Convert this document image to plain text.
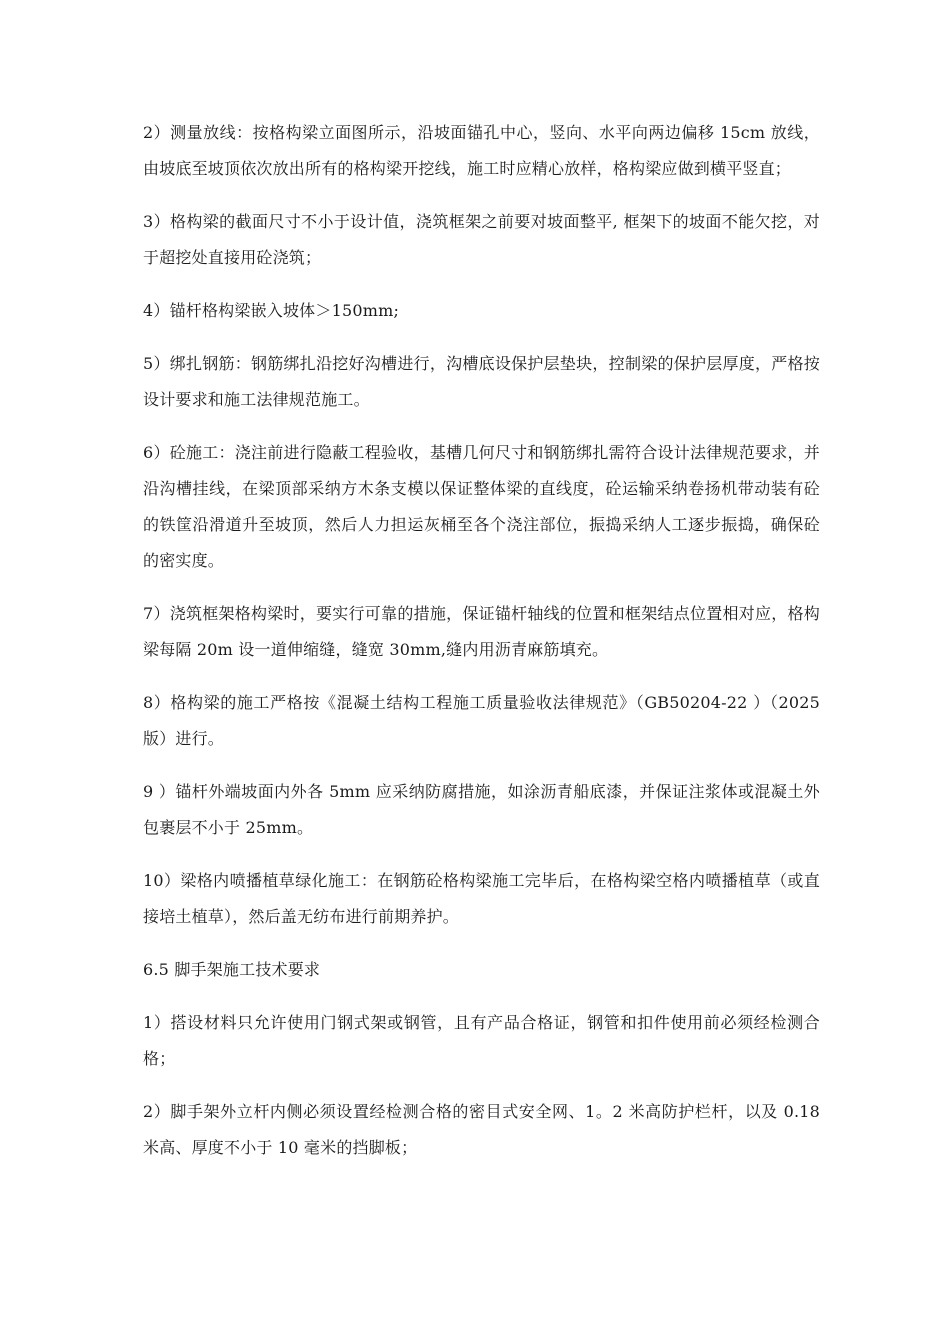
2）测量放线：按格构梁立面图所示，沿坡面锚孔中心，竖向、水平向两边偏移 15cm 放线，由坡底至坡顶依次放出所有的格构梁开挖线，施工时应精心放样，格构梁应做到横平竖直；

3）格构梁的截面尺寸不小于设计值，浇筑框架之前要对坡面整平, 框架下的坡面不能欠挖，对于超挖处直接用砼浇筑；

4）锚杆格构梁嵌入坡体＞150mm;

5）绑扎钢筋：钢筋绑扎沿挖好沟槽进行，沟槽底设保护层垫块，控制梁的保护层厚度，严格按设计要求和施工法律规范施工。

6）砼施工：浇注前进行隐蔽工程验收，基槽几何尺寸和钢筋绑扎需符合设计法律规范要求，并沿沟槽挂线，在梁顶部采纳方木条支模以保证整体梁的直线度，砼运输采纳卷扬机带动装有砼的铁筐沿滑道升至坡顶，然后人力担运灰桶至各个浇注部位，振捣采纳人工逐步振捣，确保砼的密实度。

7）浇筑框架格构梁时，要实行可靠的措施，保证锚杆轴线的位置和框架结点位置相对应，格构梁每隔 20m 设一道伸缩缝，缝宽 30mm,缝内用沥青麻筋填充。

8）格构梁的施工严格按《混凝土结构工程施工质量验收法律规范》（GB50204-22 ）（2025 版）进行。

9 ）锚杆外端坡面内外各 5mm 应采纳防腐措施，如涂沥青船底漆，并保证注浆体或混凝土外包裹层不小于 25mm。

10）梁格内喷播植草绿化施工：在钢筋砼格构梁施工完毕后，在格构梁空格内喷播植草（或直接培土植草），然后盖无纺布进行前期养护。

6.5 脚手架施工技术要求

1）搭设材料只允许使用门钢式架或钢管，且有产品合格证，钢管和扣件使用前必须经检测合格；

2）脚手架外立杆内侧必须设置经检测合格的密目式安全网、1。2 米高防护栏杆，以及 0.18 米高、厚度不小于 10 毫米的挡脚板；
